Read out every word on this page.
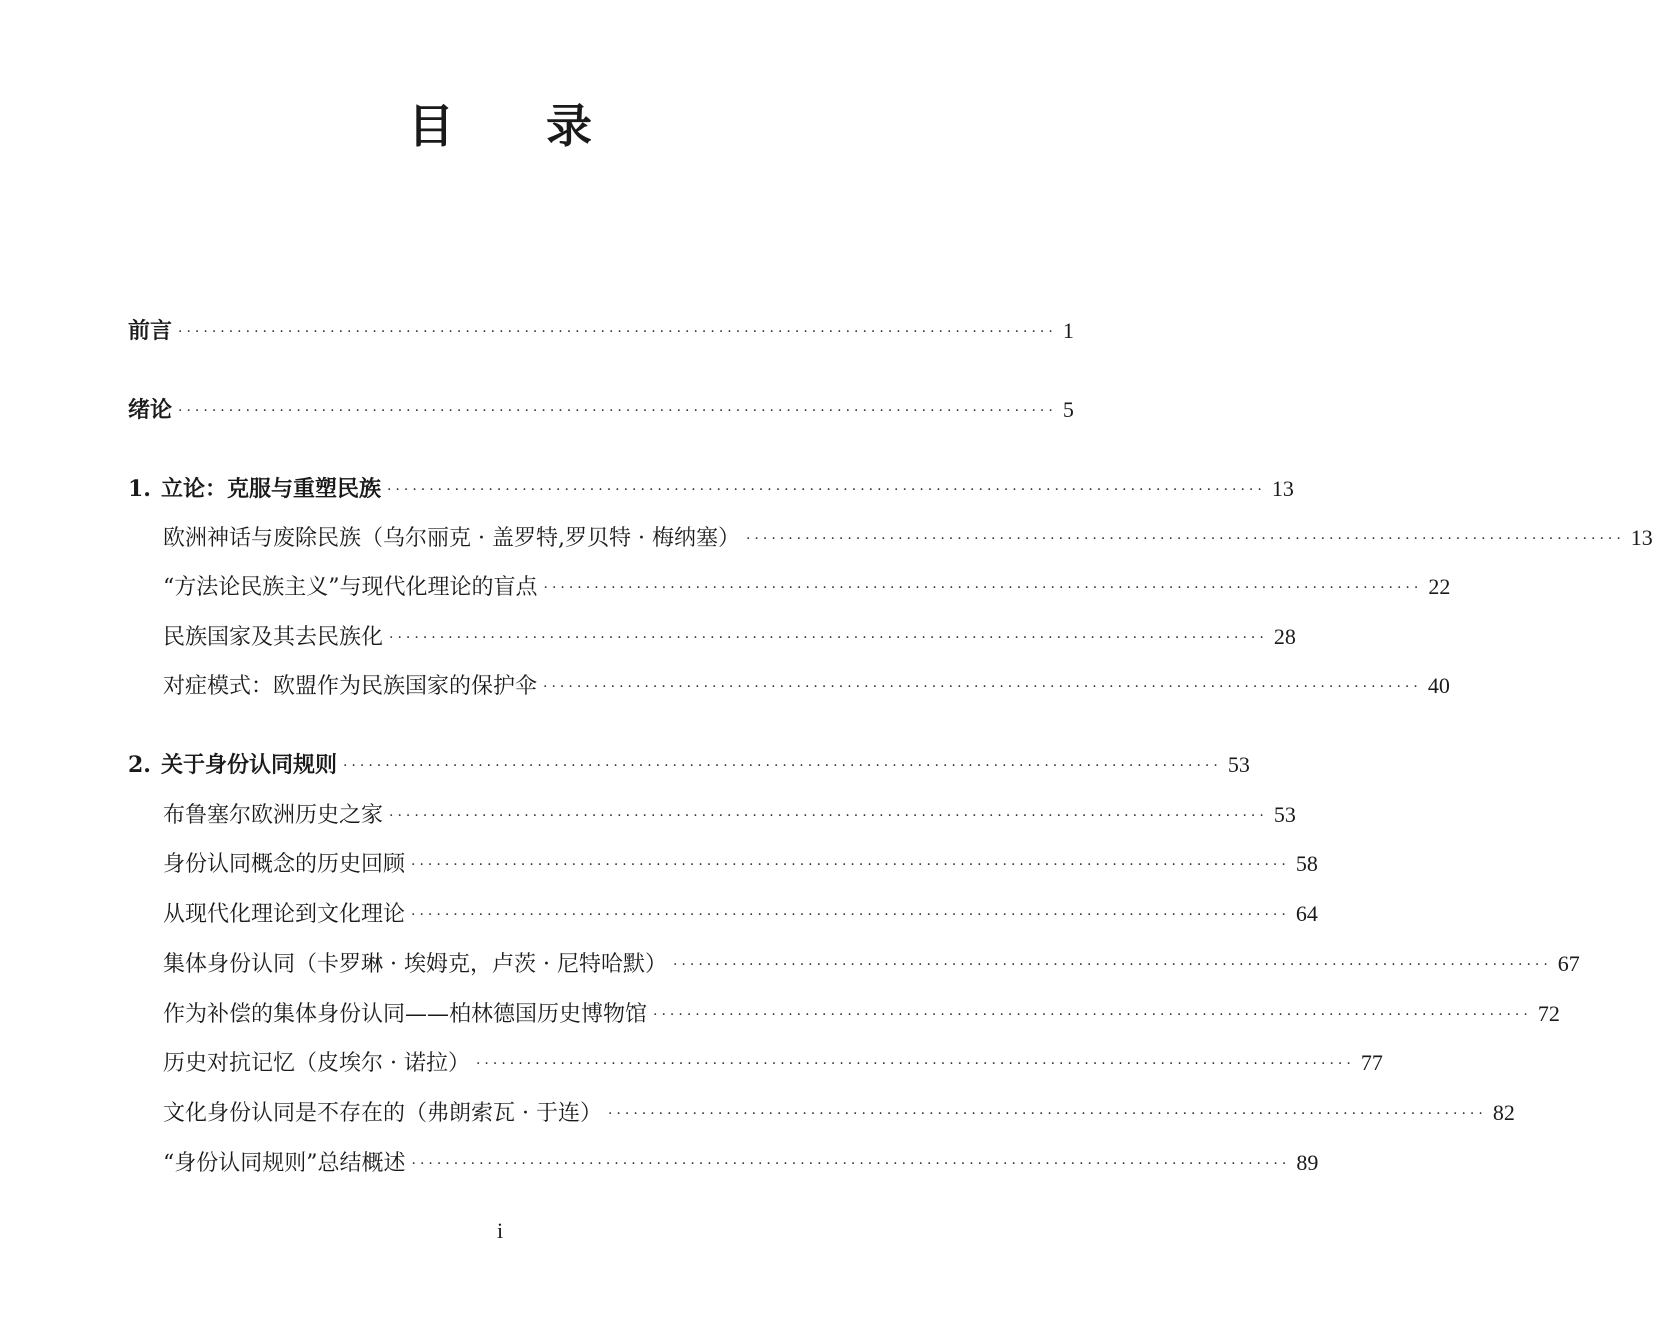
目　　录
前言 ········································································································ 1
绪论 ········································································································ 5
1. 立论：克服与重塑民族 ········································································································ 13
欧洲神话与废除民族（乌尔丽克 · 盖罗特,罗贝特 · 梅纳塞） ········································································································ 13
“方法论民族主义”与现代化理论的盲点 ········································································································ 22
民族国家及其去民族化 ········································································································ 28
对症模式：欧盟作为民族国家的保护伞 ········································································································ 40
2. 关于身份认同规则 ········································································································ 53
布鲁塞尔欧洲历史之家 ········································································································ 53
身份认同概念的历史回顾 ········································································································ 58
从现代化理论到文化理论 ········································································································ 64
集体身份认同（卡罗琳 · 埃姆克，卢茨 · 尼特哈默） ········································································································ 67
作为补偿的集体身份认同——柏林德国历史博物馆 ········································································································ 72
历史对抗记忆（皮埃尔 · 诺拉） ········································································································ 77
文化身份认同是不存在的（弗朗索瓦 · 于连） ········································································································ 82
“身份认同规则”总结概述 ········································································································ 89
i
